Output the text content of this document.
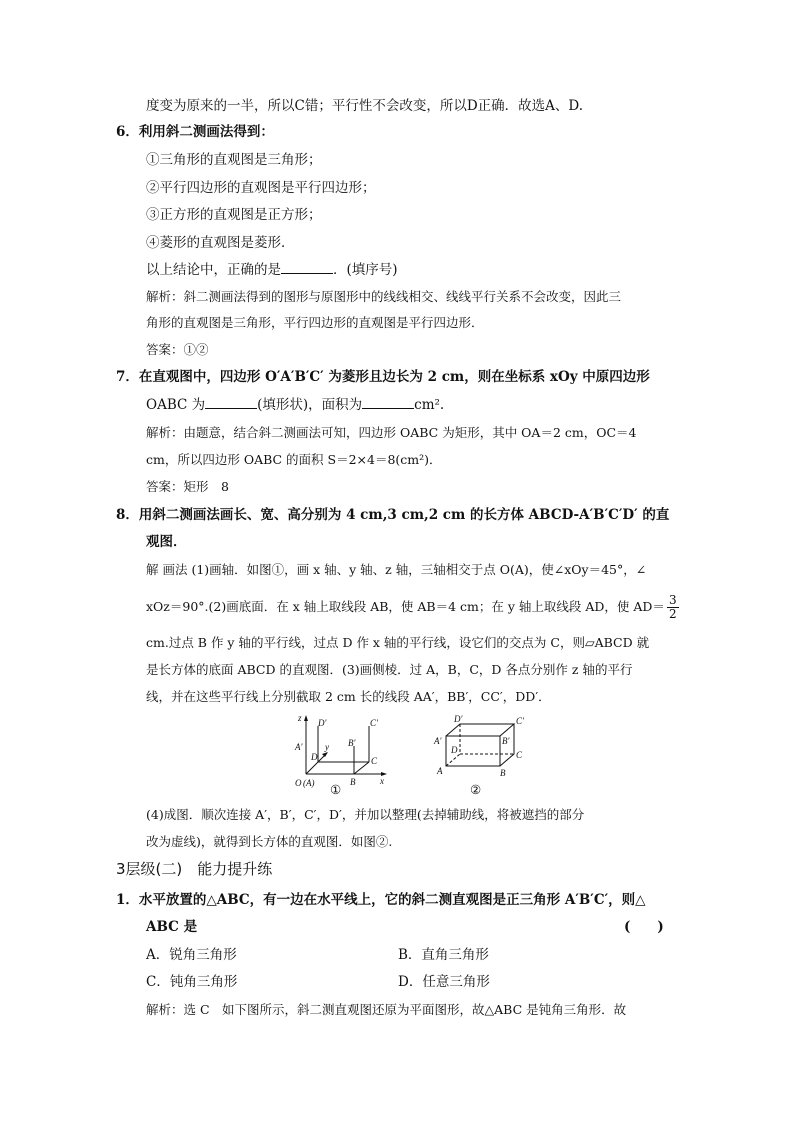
度变为原来的一半，所以C错；平行性不会改变，所以D正确．故选A、D.
6．利用斜二测画法得到：
①三角形的直观图是三角形；
②平行四边形的直观图是平行四边形；
③正方形的直观图是正方形；
④菱形的直观图是菱形．
以上结论中，正确的是	．(填序号)
解析：斜二测画法得到的图形与原图形中的线线相交、线线平行关系不会改变，因此三
角形的直观图是三角形，平行四边形的直观图是平行四边形．
答案：①②
7．在直观图中，四边形 O′A′B′C′ 为菱形且边长为 2 cm，则在坐标系 xOy 中原四边形
OABC 为	(填形状)，面积为	cm².
解析：由题意，结合斜二测画法可知，四边形 OABC 为矩形，其中 OA＝2 cm，OC＝4
cm，所以四边形 OABC 的面积 S＝2×4＝8(cm²)．
答案：矩形　8
8．用斜二测画法画长、宽、高分别为 4 cm,3 cm,2 cm 的长方体 ABCD-A′B′C′D′ 的直
观图．
解 画法 (1)画轴．如图①，画 x 轴、y 轴、z 轴，三轴相交于点 O(A)，使∠xOy＝45°，∠
xOz＝90°.(2)画底面．在 x 轴上取线段 AB，使 AB＝4 cm；在 y 轴上取线段 AD，使 $AD= \frac{3}{2}$
cm.过点 B 作 y 轴的平行线，过点 D 作 x 轴的平行线，设它们的交点为 C，则▱ABCD 就
是长方体的底面 ABCD 的直观图．(3)画侧棱．过 A，B，C，D 各点分别作 z 轴的平行
线，并在这些平行线上分别截取 2 cm 长的线段 AA′，BB′，CC′，DD′．
z
y
x
O (A)
A′
D′
D
B′
C′
C
B
①
D′	C′
A′	B′
D	C
A	B
②
(4)成图．顺次连接 A′，B′，C′，D′，并加以整理(去掉辅助线，将被遮挡的部分
改为虚线)，就得到长方体的直观图．如图②.
3层级(二)　能力提升练
1．水平放置的△ABC，有一边在水平线上，它的斜二测直观图是正三角形 A′B′C′，则△
ABC 是	(　　)
A．锐角三角形	B．直角三角形
C．钝角三角形	D．任意三角形
解析：选 C　如下图所示，斜二测直观图还原为平面图形，故△ABC 是钝角三角形．故
